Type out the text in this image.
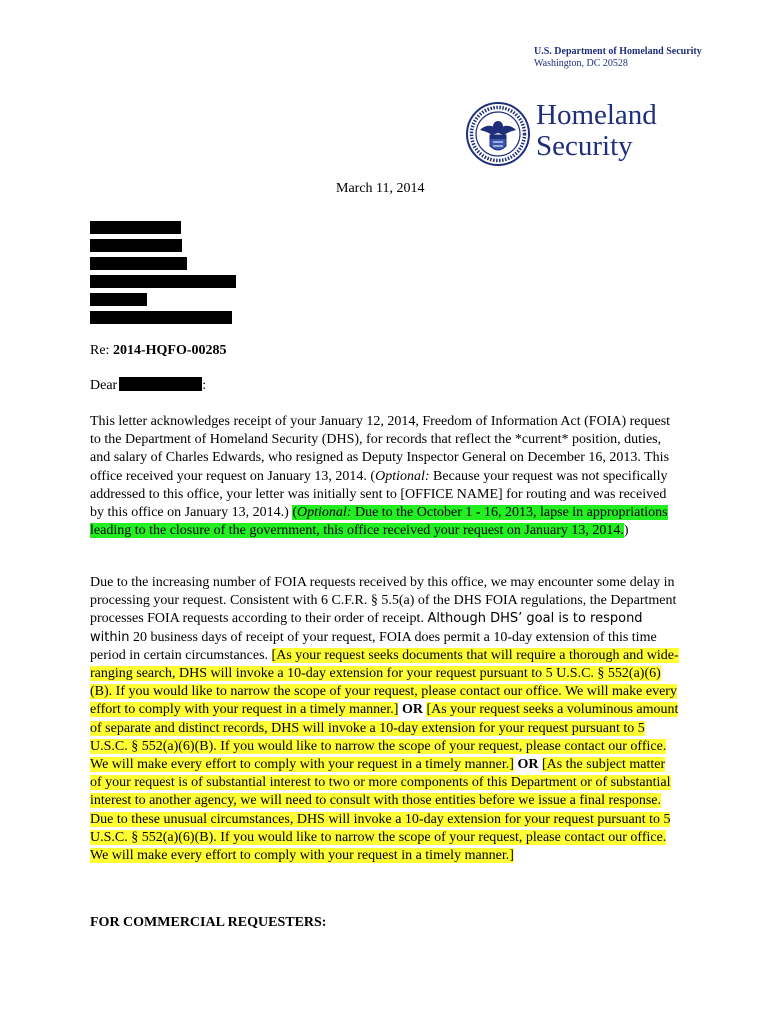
U.S. Department of Homeland Security
Washington, DC 20528
Homeland
Security
March 11, 2014
Re: 2014-HQFO-00285
Dear	:
This letter acknowledges receipt of your January 12, 2014, Freedom of Information Act (FOIA) request to the Department of Homeland Security (DHS), for records that reflect the *current* position, duties, and salary of Charles Edwards, who resigned as Deputy Inspector General on December 16, 2013. This office received your request on January 13, 2014. (Optional: Because your request was not specifically addressed to this office, your letter was initially sent to [OFFICE NAME] for routing and was received by this office on January 13, 2014.) (Optional: Due to the October 1 - 16, 2013, lapse in appropriations leading to the closure of the government, this office received your request on January 13, 2014.)
Due to the increasing number of FOIA requests received by this office, we may encounter some delay in processing your request. Consistent with 6 C.F.R. § 5.5(a) of the DHS FOIA regulations, the Department processes FOIA requests according to their order of receipt. Although DHS’ goal is to respond within 20 business days of receipt of your request, FOIA does permit a 10-day extension of this time period in certain circumstances. [As your request seeks documents that will require a thorough and wide-ranging search, DHS will invoke a 10-day extension for your request pursuant to 5 U.S.C. § 552(a)(6)(B). If you would like to narrow the scope of your request, please contact our office. We will make every effort to comply with your request in a timely manner.] OR [As your request seeks a voluminous amount of separate and distinct records, DHS will invoke a 10-day extension for your request pursuant to 5 U.S.C. § 552(a)(6)(B). If you would like to narrow the scope of your request, please contact our office. We will make every effort to comply with your request in a timely manner.] OR [As the subject matter of your request is of substantial interest to two or more components of this Department or of substantial interest to another agency, we will need to consult with those entities before we issue a final response. Due to these unusual circumstances, DHS will invoke a 10-day extension for your request pursuant to 5 U.S.C. § 552(a)(6)(B). If you would like to narrow the scope of your request, please contact our office. We will make every effort to comply with your request in a timely manner.]
FOR COMMERCIAL REQUESTERS:
